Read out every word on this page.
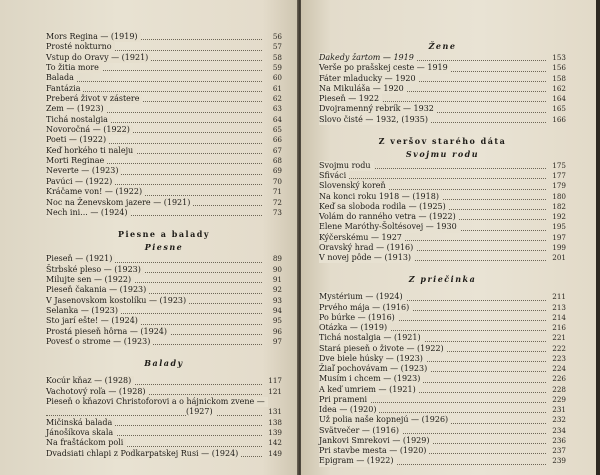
Mors Regina — (1919)	56
Prosté nokturno	57
Vstup do Oravy — (1921)	58
To žitia more	59
Balada	60
Fantázia	61
Preberá život v zástere	62
Zem — (1923)	63
Tichá nostalgia	64
Novoročná — (1922)	65
Poeti — (1922)	66
Keď horkého ti naleju	67
Morti Reginae	68
Neverte — (1923)	69
Pavúci — (1922)	70
Kráčame von! — (1922)	71
Noc na Ženevskom jazere — (1921)	72
Nech ini... — (1924)	73
Piesne a balady
Piesne
Pieseň — (1921)	89
Štrbské pleso — (1923)	90
Milujte sen — (1922)	91
Pieseň čakania — (1923)	92
V Jasenovskom kostolíku — (1923)	93
Selanka — (1923)	94
Sto jarí ešte! — (1924)	95
Prostá pieseň hôrna — (1924)	96
Povesť o strome — (1923)	97
Balady
Kocúr kňaz — (1928)	117
Vachotový roľa — (1928)	121
Pieseň o kňazovi Christoforovi a o hájnickom zvene —
(1927)	131
Mičinská balada	138
Jánošíkova skala	139
Na fraštáckom poli	142
Dvadsiati chlapi z Podkarpatskej Rusi — (1924)	149
Žene
Dakedy žartom — 1919	153
Verše po prašskej ceste — 1919	156
Fáter mladucky — 1920	158
Na Mikuláša — 1920	162
Pieseň — 1922	164
Dvojramenný rebrík — 1932	165
Slovo čisté — 1932, (1935)	166
Z veršov starého dáta
Svojmu rodu
Svojmu rodu	175
Sfiváci	177
Slovenský koreň	179
Na konci roku 1918 — (1918)	180
Keď sa sloboda rodila — (1925)	182
Volám do ranného vetra — (1922)	192
Elene Maróthy-Šoltésovej — 1930	195
Kýčerskému — 1927	197
Oravský hrad — (1916)	199
V novej pôde — (1913)	201
Z priečinka
Mystérium — (1924)	211
Prvého mája — (1916)	213
Po búrke — (1916)	214
Otázka — (1919)	216
Tichá nostalgia — (1921)	221
Stará pieseň o živote — (1922)	222
Dve biele húsky — (1923)	223
Žiaľ pochovávam — (1923)	224
Musím i chcem — (1923)	226
A keď umriem — (1921)	228
Pri prameni	229
Idea — (1920)	231
Už polia naše kopnejú — (1926)	232
Svätvečer — (1916)	234
Jankovi Smrekovi — (1929)	236
Pri stavbe mesta — (1920)	237
Epigram — (1922)	239
